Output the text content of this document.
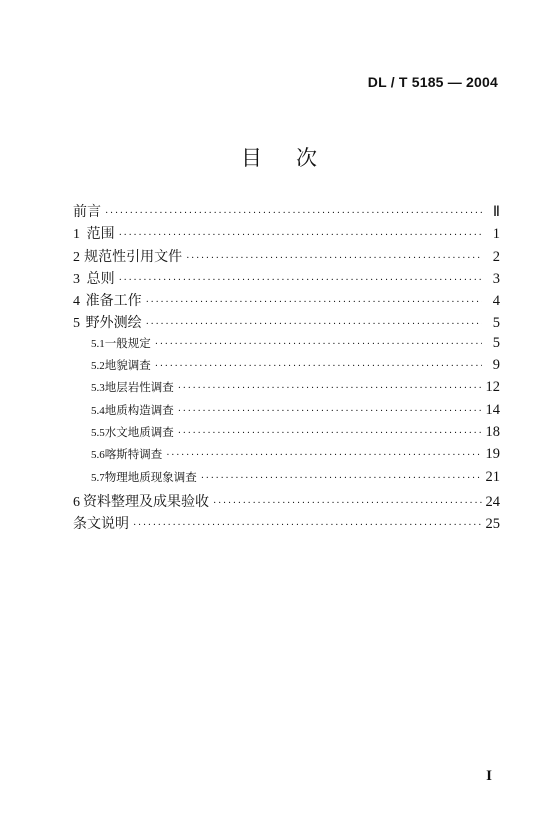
DL / T 5185 — 2004
目次
前言 ·····	Ⅱ
1 范围 ·····	1
2 规范性引用文件 ·····	2
3 总则 ·····	3
4 准备工作 ·····	4
5 野外测绘 ·····	5
5.1 一般规定 ·····	5
5.2 地貌调查 ·····	9
5.3 地层岩性调查 ·····	12
5.4 地质构造调查 ·····	14
5.5 水文地质调查 ·····	18
5.6 喀斯特调查 ·····	19
5.7 物理地质现象调查 ·····	21
6 资料整理及成果验收 ·····	24
条文说明 ·····	25
I
